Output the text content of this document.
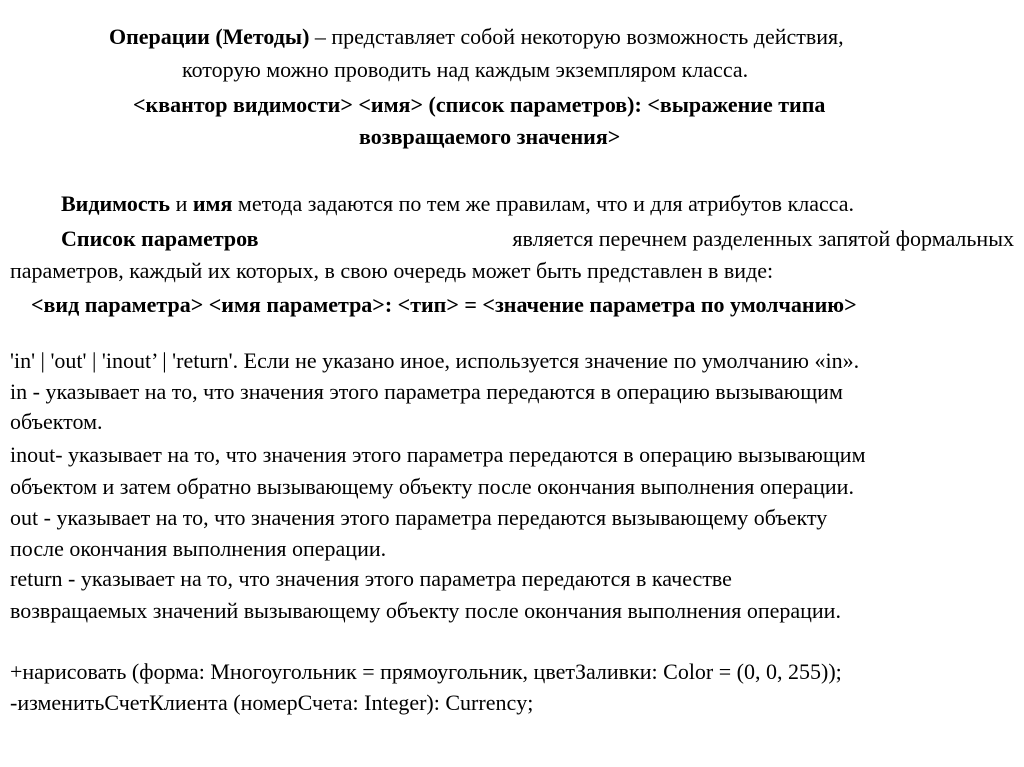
Операции (Методы) – представляет собой некоторую возможность действия,
которую можно проводить над каждым экземпляром класса.
<квантор видимости> <имя> (список параметров): <выражение типа
возвращаемого значения>
Видимость и имя метода задаются по тем же правилам, что и для атрибутов класса.
Список параметров	является перечнем разделенных запятой формальных
параметров, каждый их которых, в свою очередь может быть представлен в виде:
<вид параметра> <имя параметра>: <тип> = <значение параметра по умолчанию>
'in' | 'out' | 'inout’ | 'return'. Если не указано иное, используется значение по умолчанию «in».
in - указывает на то, что значения этого параметра передаются в операцию вызывающим
объектом.
inout- указывает на то, что значения этого параметра передаются в операцию вызывающим
объектом и затем обратно вызывающему объекту после окончания выполнения операции.
out - указывает на то, что значения этого параметра передаются вызывающему объекту
после окончания выполнения операции.
return - указывает на то, что значения этого параметра передаются в качестве
возвращаемых значений вызывающему объекту после окончания выполнения операции.
+нарисовать (форма: Многоугольник = прямоугольник, цветЗаливки: Color = (0, 0, 255));
-изменитьСчетКлиента (номерСчета: Integer): Currency;
